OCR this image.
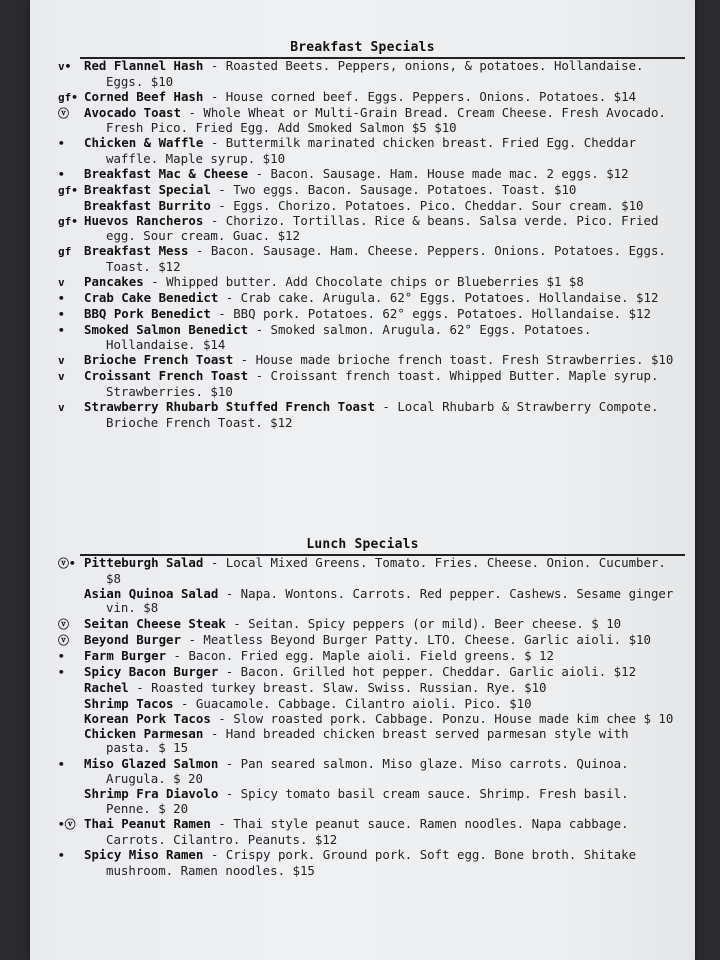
Breakfast Specials
v• Red Flannel Hash - Roasted Beets. Peppers, onions, & potatoes. Hollandaise. Eggs. $10
gf• Corned Beef Hash - House corned beef. Eggs. Peppers. Onions. Potatoes. $14
ⓥ Avocado Toast - Whole Wheat or Multi-Grain Bread. Cream Cheese. Fresh Avocado. Fresh Pico. Fried Egg. Add Smoked Salmon $5 $10
• Chicken & Waffle - Buttermilk marinated chicken breast. Fried Egg. Cheddar waffle. Maple syrup. $10
• Breakfast Mac & Cheese - Bacon. Sausage. Ham. House made mac. 2 eggs. $12
gf• Breakfast Special - Two eggs. Bacon. Sausage. Potatoes. Toast. $10
Breakfast Burrito - Eggs. Chorizo. Potatoes. Pico. Cheddar. Sour cream. $10
gf• Huevos Rancheros - Chorizo. Tortillas. Rice & beans. Salsa verde. Pico. Fried egg. Sour cream. Guac. $12
gf Breakfast Mess - Bacon. Sausage. Ham. Cheese. Peppers. Onions. Potatoes. Eggs. Toast. $12
v Pancakes - Whipped butter. Add Chocolate chips or Blueberries $1 $8
• Crab Cake Benedict - Crab cake. Arugula. 62° Eggs. Potatoes. Hollandaise. $12
• BBQ Pork Benedict - BBQ pork. Potatoes. 62° eggs. Potatoes. Hollandaise. $12
• Smoked Salmon Benedict - Smoked salmon. Arugula. 62° Eggs. Potatoes. Hollandaise. $14
v Brioche French Toast - House made brioche french toast. Fresh Strawberries. $10
v Croissant French Toast - Croissant french toast. Whipped Butter. Maple syrup. Strawberries. $10
v Strawberry Rhubarb Stuffed French Toast - Local Rhubarb & Strawberry Compote. Brioche French Toast. $12
Lunch Specials
ⓥ• Pitteburgh Salad - Local Mixed Greens. Tomato. Fries. Cheese. Onion. Cucumber. $8
Asian Quinoa Salad - Napa. Wontons. Carrots. Red pepper. Cashews. Sesame ginger vin. $8
ⓥ Seitan Cheese Steak - Seitan. Spicy peppers (or mild). Beer cheese. $ 10
ⓥ Beyond Burger - Meatless Beyond Burger Patty. LTO. Cheese. Garlic aioli. $10
• Farm Burger - Bacon. Fried egg. Maple aioli. Field greens. $ 12
• Spicy Bacon Burger - Bacon. Grilled hot pepper. Cheddar. Garlic aioli. $12
Rachel - Roasted turkey breast. Slaw. Swiss. Russian. Rye. $10
Shrimp Tacos - Guacamole. Cabbage. Cilantro aioli. Pico. $10
Korean Pork Tacos - Slow roasted pork. Cabbage. Ponzu. House made kim chee $ 10
Chicken Parmesan - Hand breaded chicken breast served parmesan style with pasta. $ 15
• Miso Glazed Salmon - Pan seared salmon. Miso glaze. Miso carrots. Quinoa. Arugula. $ 20
Shrimp Fra Diavolo - Spicy tomato basil cream sauce. Shrimp. Fresh basil. Penne. $ 20
•ⓥ Thai Peanut Ramen - Thai style peanut sauce. Ramen noodles. Napa cabbage. Carrots. Cilantro. Peanuts. $12
• Spicy Miso Ramen - Crispy pork. Ground pork. Soft egg. Bone broth. Shitake mushroom. Ramen noodles. $15
